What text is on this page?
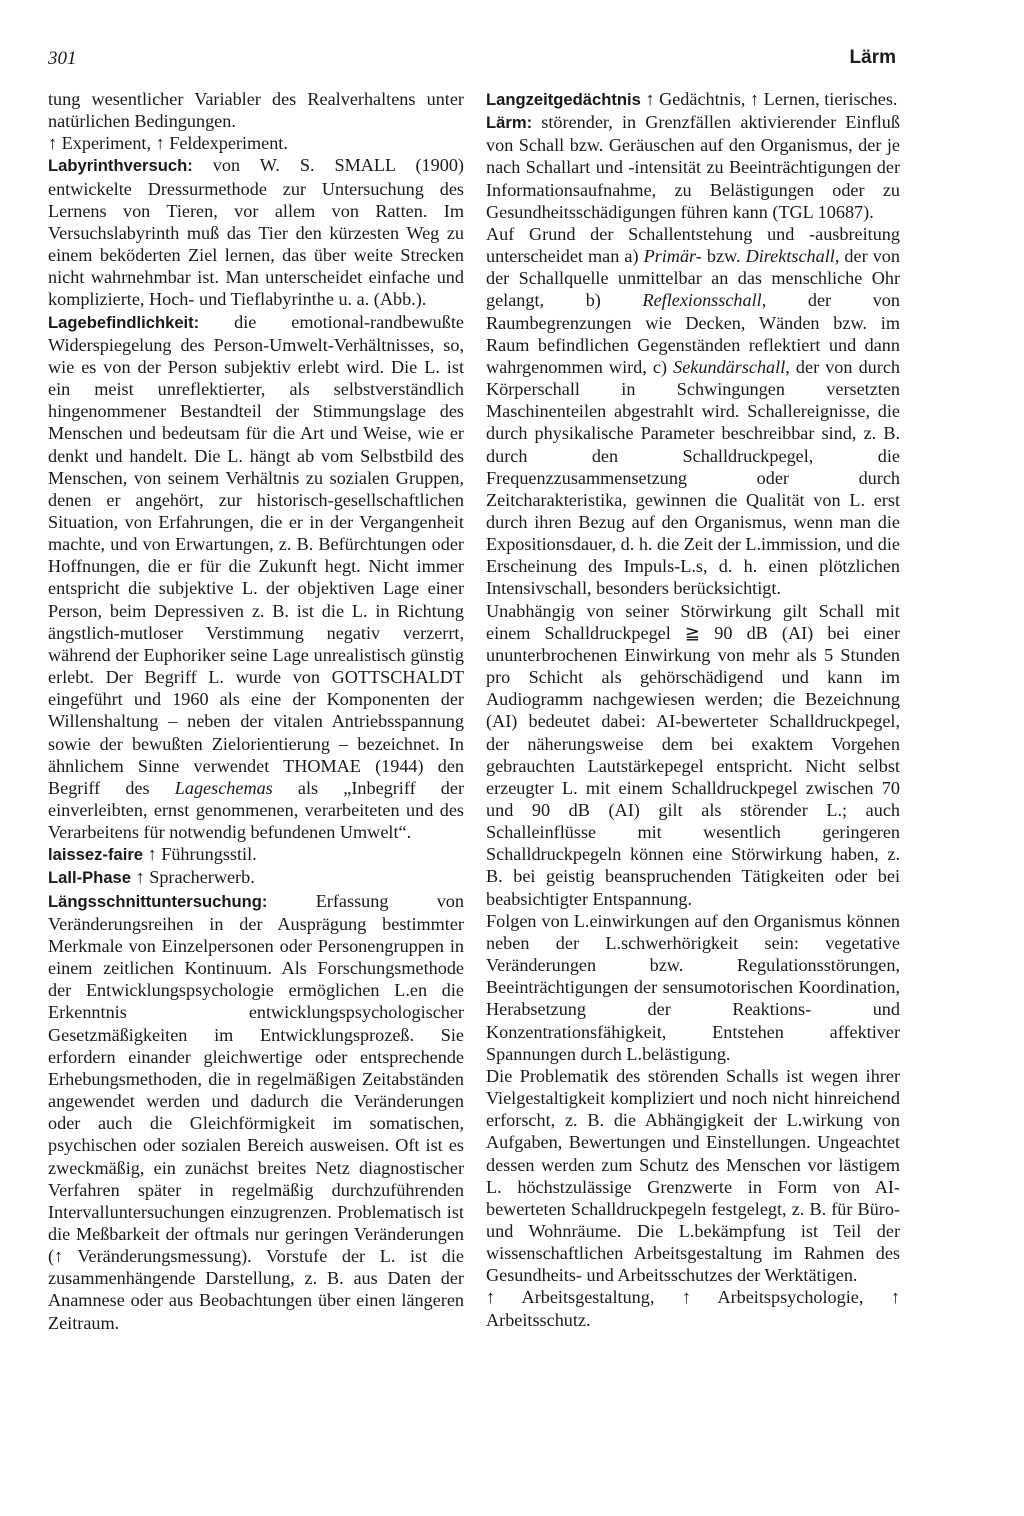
301	Lärm

tung wesentlicher Variabler des Realverhaltens unter natürlichen Bedingungen.

↑ Experiment, ↑ Feldexperiment.

Labyrinthversuch: von W. S. SMALL (1900) entwickelte Dressurmethode zur Untersuchung des Lernens von Tieren, vor allem von Ratten. Im Versuchslabyrinth muß das Tier den kürzesten Weg zu einem beköderten Ziel lernen, das über weite Strecken nicht wahrnehmbar ist. Man unterscheidet einfache und komplizierte, Hoch- und Tieflabyrinthe u. a. (Abb.).

Lagebefindlichkeit: die emotional-randbewußte Widerspiegelung des Person-Umwelt-Verhältnisses, so, wie es von der Person subjektiv erlebt wird. Die L. ist ein meist unreflektierter, als selbstverständlich hingenommener Bestandteil der Stimmungslage des Menschen und bedeutsam für die Art und Weise, wie er denkt und handelt. Die L. hängt ab vom Selbstbild des Menschen, von seinem Verhältnis zu sozialen Gruppen, denen er angehört, zur historisch-gesellschaftlichen Situation, von Erfahrungen, die er in der Vergangenheit machte, und von Erwartungen, z. B. Befürchtungen oder Hoffnungen, die er für die Zukunft hegt. Nicht immer entspricht die subjektive L. der objektiven Lage einer Person, beim Depressiven z. B. ist die L. in Richtung ängstlich-mutloser Verstimmung negativ verzerrt, während der Euphoriker seine Lage unrealistisch günstig erlebt. Der Begriff L. wurde von GOTTSCHALDT eingeführt und 1960 als eine der Komponenten der Willenshaltung – neben der vitalen Antriebsspannung sowie der bewußten Zielorientierung – bezeichnet. In ähnlichem Sinne verwendet THOMAE (1944) den Begriff des Lageschemas als „Inbegriff der einverleibten, ernst genommenen, verarbeiteten und des Verarbeitens für notwendig befundenen Umwelt“.

laissez-faire ↑ Führungsstil.

Lall-Phase ↑ Spracherwerb.

Längsschnittuntersuchung: Erfassung von Veränderungsreihen in der Ausprägung bestimmter Merkmale von Einzelpersonen oder Personengruppen in einem zeitlichen Kontinuum. Als Forschungsmethode der Entwicklungspsychologie ermöglichen L.en die Erkenntnis entwicklungspsychologischer Gesetzmäßigkeiten im Entwicklungsprozeß. Sie erfordern einander gleichwertige oder entsprechende Erhebungsmethoden, die in regelmäßigen Zeitabständen angewendet werden und dadurch die Veränderungen oder auch die Gleichförmigkeit im somatischen, psychischen oder sozialen Bereich ausweisen. Oft ist es zweckmäßig, ein zunächst breites Netz diagnostischer Verfahren später in regelmäßig durchzuführenden Intervalluntersuchungen einzugrenzen. Problematisch ist die Meßbarkeit der oftmals nur geringen Veränderungen (↑ Veränderungsmessung). Vorstufe der L. ist die zusammenhängende Darstellung, z. B. aus Daten der Anamnese oder aus Beobachtungen über einen längeren Zeitraum.

Langzeitgedächtnis ↑ Gedächtnis, ↑ Lernen, tierisches.

Lärm: störender, in Grenzfällen aktivierender Einfluß von Schall bzw. Geräuschen auf den Organismus, der je nach Schallart und -intensität zu Beeinträchtigungen der Informationsaufnahme, zu Belästigungen oder zu Gesundheitsschädigungen führen kann (TGL 10687).

Auf Grund der Schallentstehung und -ausbreitung unterscheidet man a) Primär- bzw. Direktschall, der von der Schallquelle unmittelbar an das menschliche Ohr gelangt, b) Reflexionsschall, der von Raumbegrenzungen wie Decken, Wänden bzw. im Raum befindlichen Gegenständen reflektiert und dann wahrgenommen wird, c) Sekundärschall, der von durch Körperschall in Schwingungen versetzten Maschinenteilen abgestrahlt wird. Schallereignisse, die durch physikalische Parameter beschreibbar sind, z. B. durch den Schalldruckpegel, die Frequenzzusammensetzung oder durch Zeitcharakteristika, gewinnen die Qualität von L. erst durch ihren Bezug auf den Organismus, wenn man die Expositionsdauer, d. h. die Zeit der L.immission, und die Erscheinung des Impuls-L.s, d. h. einen plötzlichen Intensivschall, besonders berücksichtigt.

Unabhängig von seiner Störwirkung gilt Schall mit einem Schalldruckpegel ≧ 90 dB (AI) bei einer ununterbrochenen Einwirkung von mehr als 5 Stunden pro Schicht als gehörschädigend und kann im Audiogramm nachgewiesen werden; die Bezeichnung (AI) bedeutet dabei: AI-bewerteter Schalldruckpegel, der näherungsweise dem bei exaktem Vorgehen gebrauchten Lautstärkepegel entspricht. Nicht selbst erzeugter L. mit einem Schalldruckpegel zwischen 70 und 90 dB (AI) gilt als störender L.; auch Schalleinflüsse mit wesentlich geringeren Schalldruckpegeln können eine Störwirkung haben, z. B. bei geistig beanspruchenden Tätigkeiten oder bei beabsichtigter Entspannung.

Folgen von L.einwirkungen auf den Organismus können neben der L.schwerhörigkeit sein: vegetative Veränderungen bzw. Regulationsstörungen, Beeinträchtigungen der sensumotorischen Koordination, Herabsetzung der Reaktions- und Konzentrationsfähigkeit, Entstehen affektiver Spannungen durch L.belästigung.

Die Problematik des störenden Schalls ist wegen ihrer Vielgestaltigkeit kompliziert und noch nicht hinreichend erforscht, z. B. die Abhängigkeit der L.wirkung von Aufgaben, Bewertungen und Einstellungen. Ungeachtet dessen werden zum Schutz des Menschen vor lästigem L. höchstzulässige Grenzwerte in Form von AI-bewerteten Schalldruckpegeln festgelegt, z. B. für Büro- und Wohnräume. Die L.bekämpfung ist Teil der wissenschaftlichen Arbeitsgestaltung im Rahmen des Gesundheits- und Arbeitsschutzes der Werktätigen.

↑ Arbeitsgestaltung, ↑ Arbeitspsychologie, ↑ Arbeitsschutz.
